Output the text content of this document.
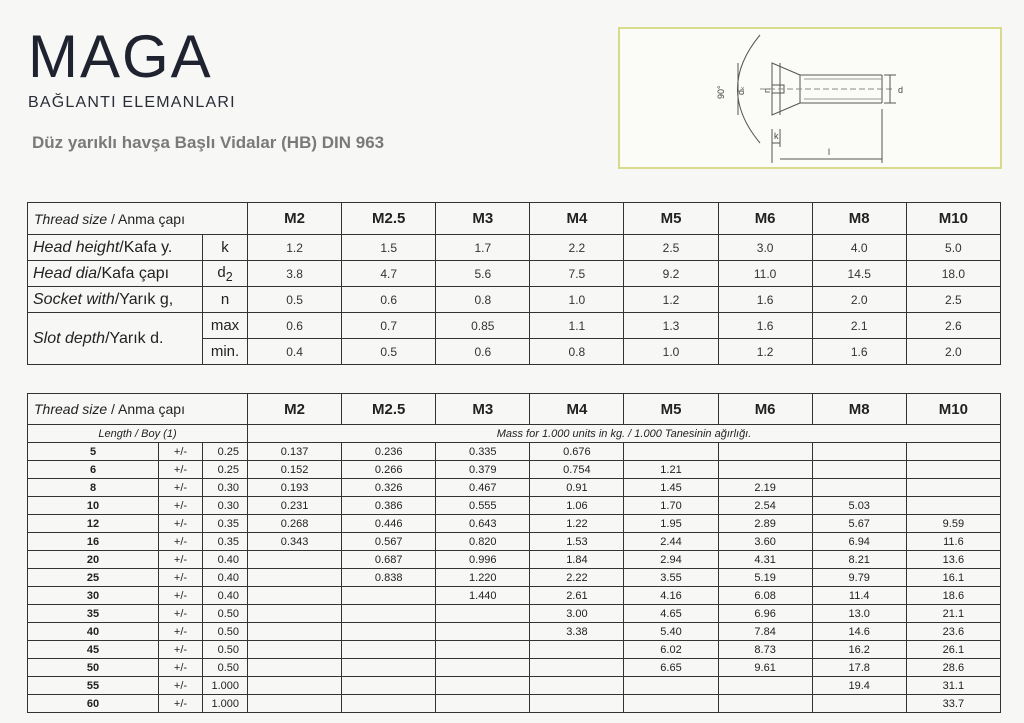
MAGA
BAĞLANTI ELEMANLARI
Düz yarıklı havşa Başlı Vidalar (HB) DIN 963
90° dₖ n	d
k
l
Thread size / Anma çapı		M2	M2.5	M3	M4	M5	M6	M8	M10
Head height/Kafa y.	k	1.2	1.5	1.7	2.2	2.5	3.0	4.0	5.0
Head dia/Kafa çapı	$d_2$	3.8	4.7	5.6	7.5	9.2	11.0	14.5	18.0
Socket with/Yarık g,	n	0.5	0.6	0.8	1.0	1.2	1.6	2.0	2.5
Slot depth/Yarık d.	max	0.6	0.7	0.85	1.1	1.3	1.6	2.1	2.6
	min.	0.4	0.5	0.6	0.8	1.0	1.2	1.6	2.0
Thread size / Anma çapı			M2	M2.5	M3	M4	M5	M6	M8	M10
Length / Boy (1)			Mass for 1.000 units in kg. / 1.000 Tanesinin ağırlığı.							
5	+/-	0.25	0.137	0.236	0.335	0.676				
6	+/-	0.25	0.152	0.266	0.379	0.754	1.21			
8	+/-	0.30	0.193	0.326	0.467	0.91	1.45	2.19		
10	+/-	0.30	0.231	0.386	0.555	1.06	1.70	2.54	5.03	
12	+/-	0.35	0.268	0.446	0.643	1.22	1.95	2.89	5.67	9.59
16	+/-	0.35	0.343	0.567	0.820	1.53	2.44	3.60	6.94	11.6
20	+/-	0.40		0.687	0.996	1.84	2.94	4.31	8.21	13.6
25	+/-	0.40		0.838	1.220	2.22	3.55	5.19	9.79	16.1
30	+/-	0.40			1.440	2.61	4.16	6.08	11.4	18.6
35	+/-	0.50				3.00	4.65	6.96	13.0	21.1
40	+/-	0.50				3.38	5.40	7.84	14.6	23.6
45	+/-	0.50					6.02	8.73	16.2	26.1
50	+/-	0.50					6.65	9.61	17.8	28.6
55	+/-	1.000							19.4	31.1
60	+/-	1.000								33.7
